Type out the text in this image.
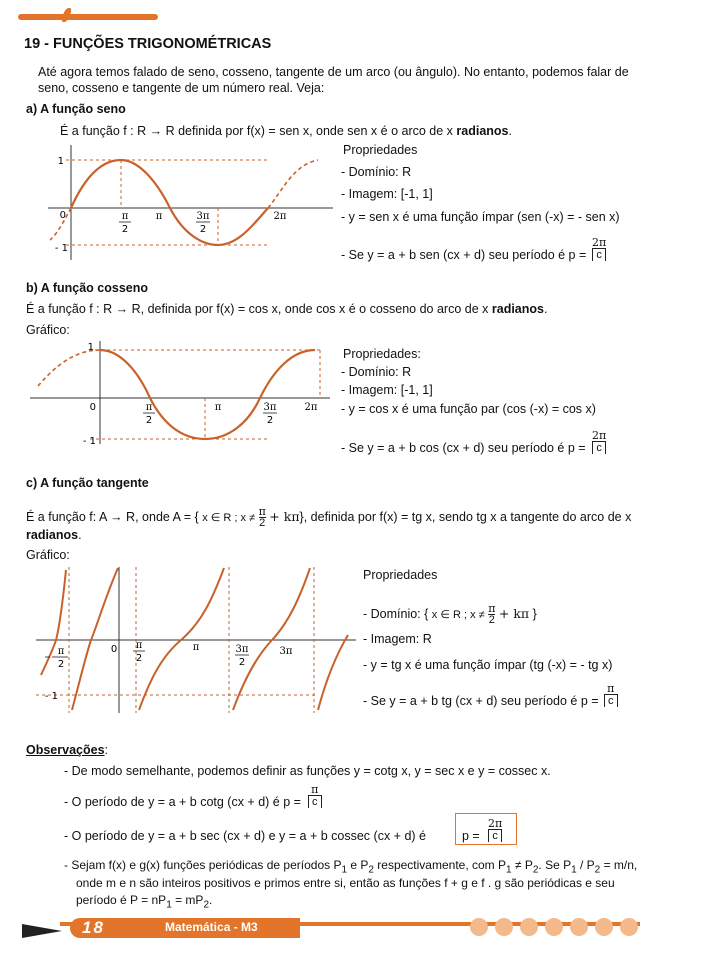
19 - FUNÇÕES TRIGONOMÉTRICAS
Até agora temos falado de seno, cosseno, tangente de um arco (ou ângulo). No entanto, podemos falar de
seno, cosseno e tangente de um número real. Veja:
a) A função seno
É a função f : R → R definida por f(x) = sen x, onde sen x é o arco de x radianos.
1
0
- 1
π
2
π	3π
2
2π
Propriedades
- Domínio: R
- Imagem: [-1, 1]
- y = sen x é uma função ímpar (sen (-x) = - sen x)
- Se y = a + b sen (cx + d) seu período é $p = \frac{2\pi}{c}$
b) A função cosseno
É a função f : R → R, definida por f(x) = cos x, onde cos x é o cosseno do arco de x radianos.
Gráfico:
1
0
- 1
π
2
π	3π
2
2π
Propriedades:
- Domínio: R
- Imagem: [-1, 1]
- y = cos x é uma função par (cos (-x) = cos x)
- Se y = a + b cos (cx + d) seu período é $p = \frac{2\pi}{c}$
c) A função tangente
É a função f: A → R, onde A = { x ∈ R ; $x \ne \frac{\pi}{2} + k\pi$}, definida por f(x) = tg x, sendo tg x a tangente do arco de x
radianos.
Gráfico:
π
2
0 π
2
π	3π
2
3π
- 1
Propriedades
- Domínio: { x ∈ R ; $x \ne \frac{\pi}{2} + k\pi$ }
- Imagem: R
- y = tg x é uma função ímpar (tg (-x) = - tg x)
- Se y = a + b tg (cx + d) seu período é $p = \frac{\pi}{c}$
Observações:
- De modo semelhante, podemos definir as funções y = cotg x, y = sec x e y = cossec x.
- O período de y = a + b cotg (cx + d) é $p = \frac{\pi}{c}$
- O período de y = a + b sec (cx + d) e y = a + b cossec (cx + d) é	$p = \frac{2\pi}{c}$
- Sejam f(x) e g(x) funções periódicas de períodos $P_1$ e $P_2$ respectivamente, com $P_1 \ne P_2$. Se $P_1 / P_2 = m/n$,
onde m e n são inteiros positivos e primos entre si, então as funções f + g e f . g são periódicas e seu
período é $P = nP_1 = mP_2$.
18	Matemática - M3
